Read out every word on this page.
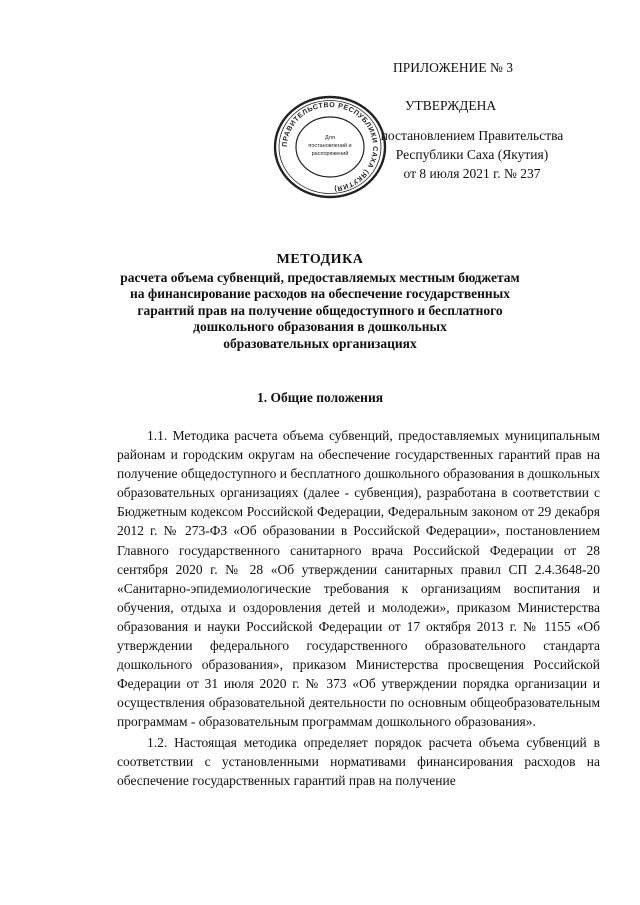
ПРИЛОЖЕНИЕ № 3
УТВЕРЖДЕНА
постановлением Правительства
Республики Саха (Якутия)
от 8 июля 2021 г. № 237
ПРАВИТЕЛЬСТВО РЕСПУБЛИКИ САХА (ЯКУТИЯ)
Для
постановлений и
распоряжений
МЕТОДИКА
расчета объема субвенций, предоставляемых местным бюджетам
на финансирование расходов на обеспечение государственных
гарантий прав на получение общедоступного и бесплатного
дошкольного образования в дошкольных
образовательных организациях
1. Общие положения

1.1. Методика расчета объема субвенций, предоставляемых муниципальным районам и городским округам на обеспечение государственных гарантий прав на получение общедоступного и бесплатного дошкольного образования в дошкольных образовательных организациях (далее - субвенция), разработана в соответствии с Бюджетным кодексом Российской Федерации, Федеральным законом от 29 декабря 2012 г. № 273-ФЗ «Об образовании в Российской Федерации», постановлением Главного государственного санитарного врача Российской Федерации от 28 сентября 2020 г. № 28 «Об утверждении санитарных правил СП 2.4.3648-20 «Санитарно-эпидемиологические требования к организациям воспитания и обучения, отдыха и оздоровления детей и молодежи», приказом Министерства образования и науки Российской Федерации от 17 октября 2013 г. № 1155 «Об утверждении федерального государственного образовательного стандарта дошкольного образования», приказом Министерства просвещения Российской Федерации от 31 июля 2020 г. № 373 «Об утверждении порядка организации и осуществления образовательной деятельности по основным общеобразовательным программам - образовательным программам дошкольного образования».

1.2. Настоящая методика определяет порядок расчета объема субвенций в соответствии с установленными нормативами финансирования расходов на обеспечение государственных гарантий прав на получение
